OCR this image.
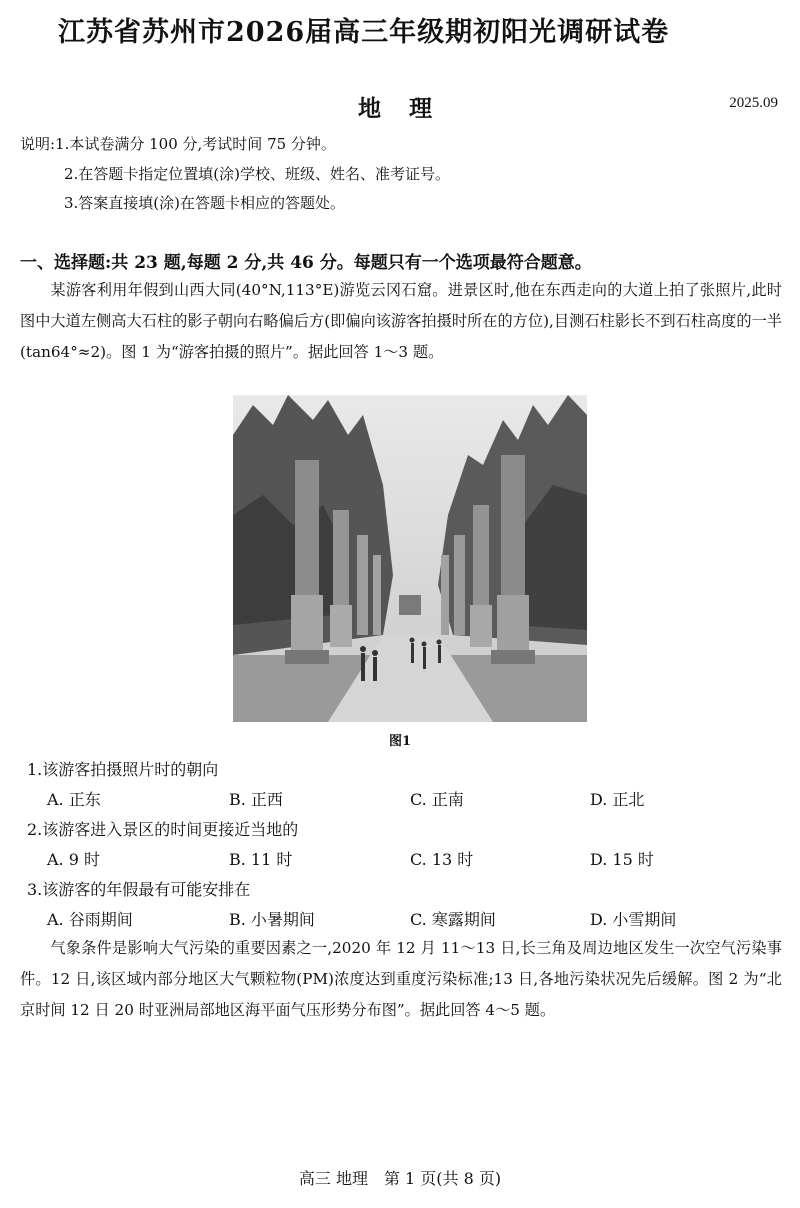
江苏省苏州市2026届高三年级期初阳光调研试卷
地 理	2025.09
说明:1.本试卷满分 100 分,考试时间 75 分钟。
2.在答题卡指定位置填(涂)学校、班级、姓名、准考证号。
3.答案直接填(涂)在答题卡相应的答题处。
一、选择题:共 23 题,每题 2 分,共 46 分。每题只有一个选项最符合题意。
某游客利用年假到山西大同(40°N,113°E)游览云冈石窟。进景区时,他在东西走向的大道上拍了张照片,此时图中大道左侧高大石柱的影子朝向右略偏后方(即偏向该游客拍摄时所在的方位),目测石柱影长不到石柱高度的一半(tan64°≈2)。图 1 为“游客拍摄的照片”。据此回答 1～3 题。
图1
1.该游客拍摄照片时的朝向
A. 正东	B. 正西	C. 正南	D. 正北
2.该游客进入景区的时间更接近当地的
A. 9 时	B. 11 时	C. 13 时	D. 15 时
3.该游客的年假最有可能安排在
A. 谷雨期间	B. 小暑期间	C. 寒露期间	D. 小雪期间
气象条件是影响大气污染的重要因素之一,2020 年 12 月 11～13 日,长三角及周边地区发生一次空气污染事件。12 日,该区域内部分地区大气颗粒物(PM)浓度达到重度污染标准;13 日,各地污染状况先后缓解。图 2 为“北京时间 12 日 20 时亚洲局部地区海平面气压形势分布图”。据此回答 4～5 题。
高三 地理　第 1 页(共 8 页)
